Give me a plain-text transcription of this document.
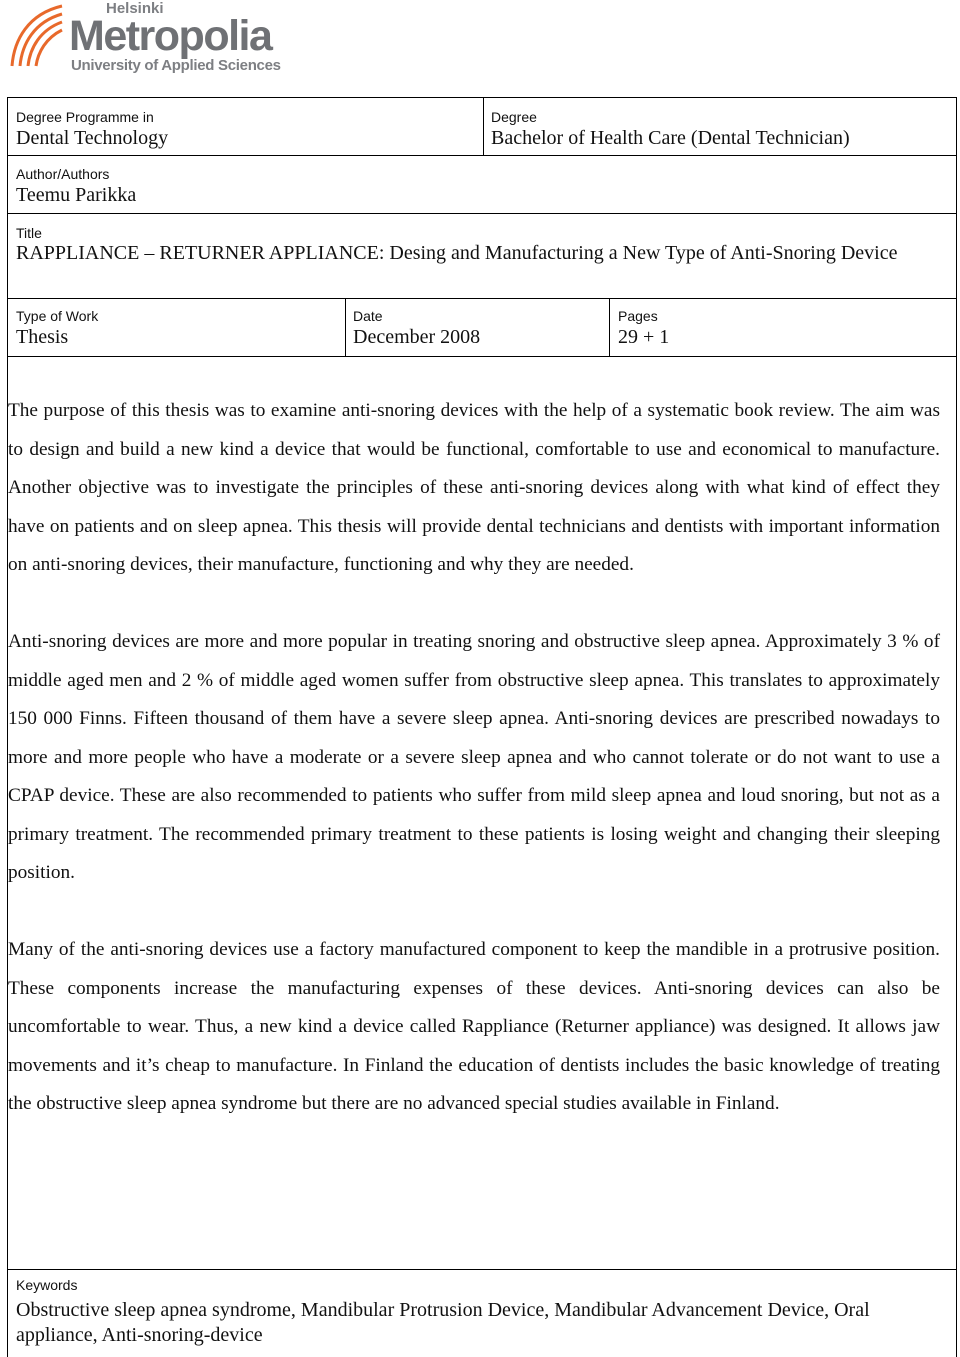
Helsinki
Metropolia
University of Applied Sciences
Degree Programme in
Dental Technology
Degree
Bachelor of Health Care (Dental Technician)
Author/Authors
Teemu Parikka
Title
RAPPLIANCE – RETURNER APPLIANCE: Desing and Manufacturing a New Type of Anti-Snoring Device
Type of Work
Thesis
Date
December 2008
Pages
29 + 1
Keywords
Obstructive sleep apnea syndrome, Mandibular Protrusion Device, Mandibular Advancement Device, Oral appliance, Anti-snoring-device

The purpose of this thesis was to examine anti-snoring devices with the help of a systematic book review. The aim was to design and build a new kind a device that would be functional, comfortable to use and economical to manufacture. Another objective was to investigate the principles of these anti-snoring devices along with what kind of effect they have on patients and on sleep apnea. This thesis will provide dental technicians and dentists with important information on anti-snoring devices, their manufacture, functioning and why they are needed.

Anti-snoring devices are more and more popular in treating snoring and obstructive sleep apnea. Approximately 3 % of middle aged men and 2 % of middle aged women suffer from obstructive sleep apnea. This translates to approximately 150 000 Finns. Fifteen thousand of them have a severe sleep apnea. Anti-snoring devices are prescribed nowadays to more and more people who have a moderate or a severe sleep apnea and who cannot tolerate or do not want to use a CPAP device. These are also recommended to patients who suffer from mild sleep apnea and loud snoring, but not as a primary treatment. The recommended primary treatment to these patients is losing weight and changing their sleeping position.

Many of the anti-snoring devices use a factory manufactured component to keep the mandible in a protrusive position. These components increase the manufacturing expenses of these devices. Anti-snoring devices can also be uncomfortable to wear. Thus, a new kind a device called Rappliance (Returner appliance) was designed. It allows jaw movements and it’s cheap to manufacture. In Finland the education of dentists includes the basic knowledge of treating the obstructive sleep apnea syndrome but there are no advanced special studies available in Finland.
